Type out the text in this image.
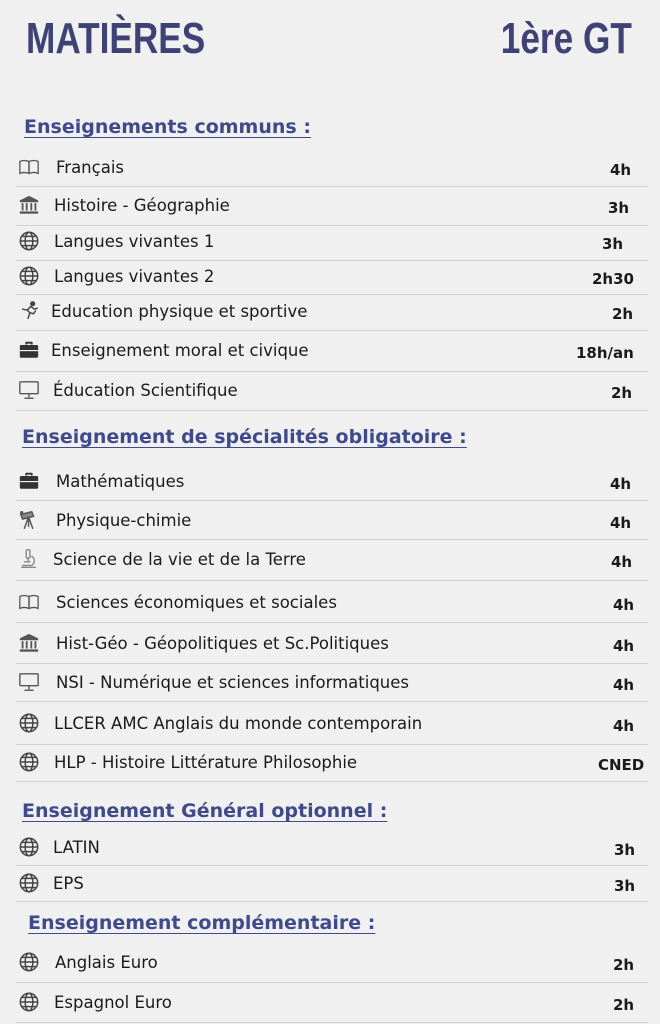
MATIÈRES	1ère GT
Enseignements communs :
Français	4h
Histoire - Géographie	3h
Langues vivantes 1	3h
Langues vivantes 2	2h30
Education physique et sportive	2h
Enseignement moral et civique	18h/an
Éducation Scientifique	2h
Enseignement de spécialités obligatoire :
Mathématiques	4h
Physique-chimie	4h
Science de la vie et de la Terre	4h
Sciences économiques et sociales	4h
Hist-Géo - Géopolitiques et Sc.Politiques	4h
NSI - Numérique et sciences informatiques	4h
LLCER AMC Anglais du monde contemporain	4h
HLP - Histoire Littérature Philosophie	CNED
Enseignement Général optionnel :
LATIN	3h
EPS	3h
Enseignement complémentaire :
Anglais Euro	2h
Espagnol Euro	2h
